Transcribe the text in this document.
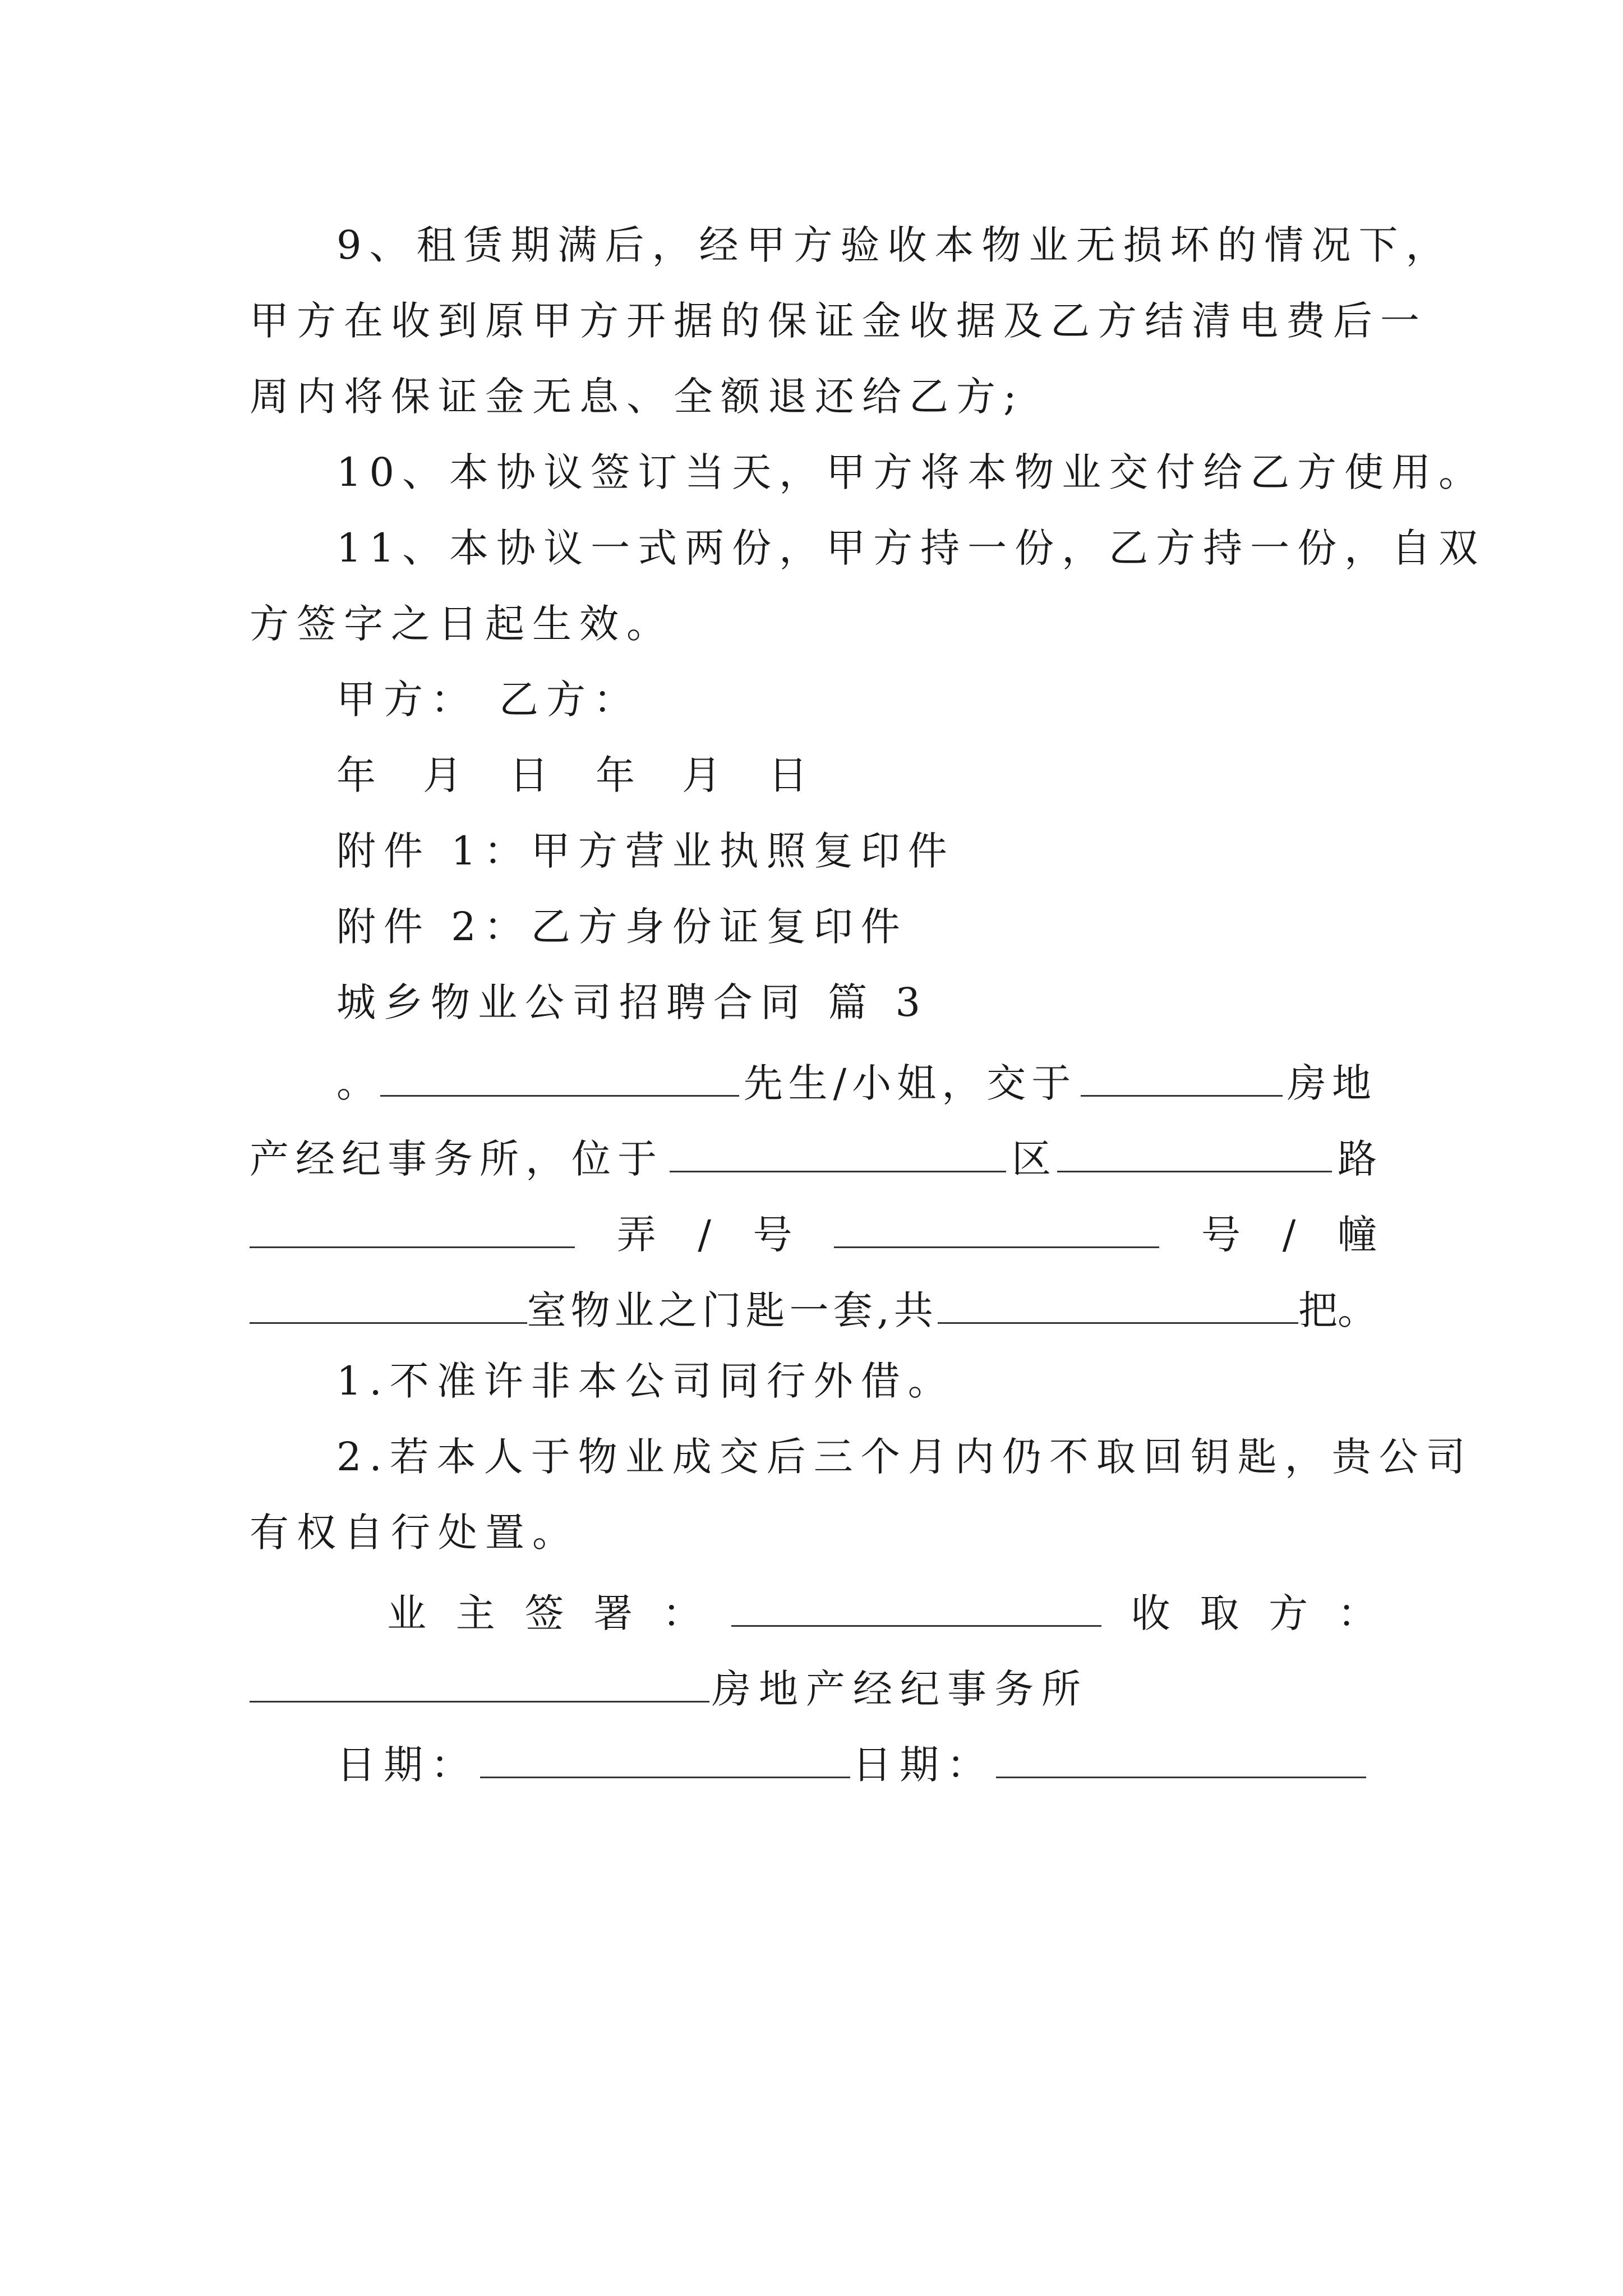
9、租赁期满后，经甲方验收本物业无损坏的情况下，
甲方在收到原甲方开据的保证金收据及乙方结清电费后一
周内将保证金无息、全额退还给乙方;
10、本协议签订当天，甲方将本物业交付给乙方使用。
11、本协议一式两份，甲方持一份，乙方持一份，自双
方签字之日起生效。
甲方： 乙方：
年 月 日 年 月 日
附件 1：甲方营业执照复印件
附件 2：乙方身份证复印件
城乡物业公司招聘合同 篇 3
。	先生/小姐，交于	房地
产经纪事务所，位于	区	路
弄 / 号	号 / 幢
室物业之门匙一套,共	把。
1.不准许非本公司同行外借。
2.若本人于物业成交后三个月内仍不取回钥匙，贵公司
有权自行处置。
业 主 签 署 ：	收 取 方 ：
房地产经纪事务所
日期：	日期：
